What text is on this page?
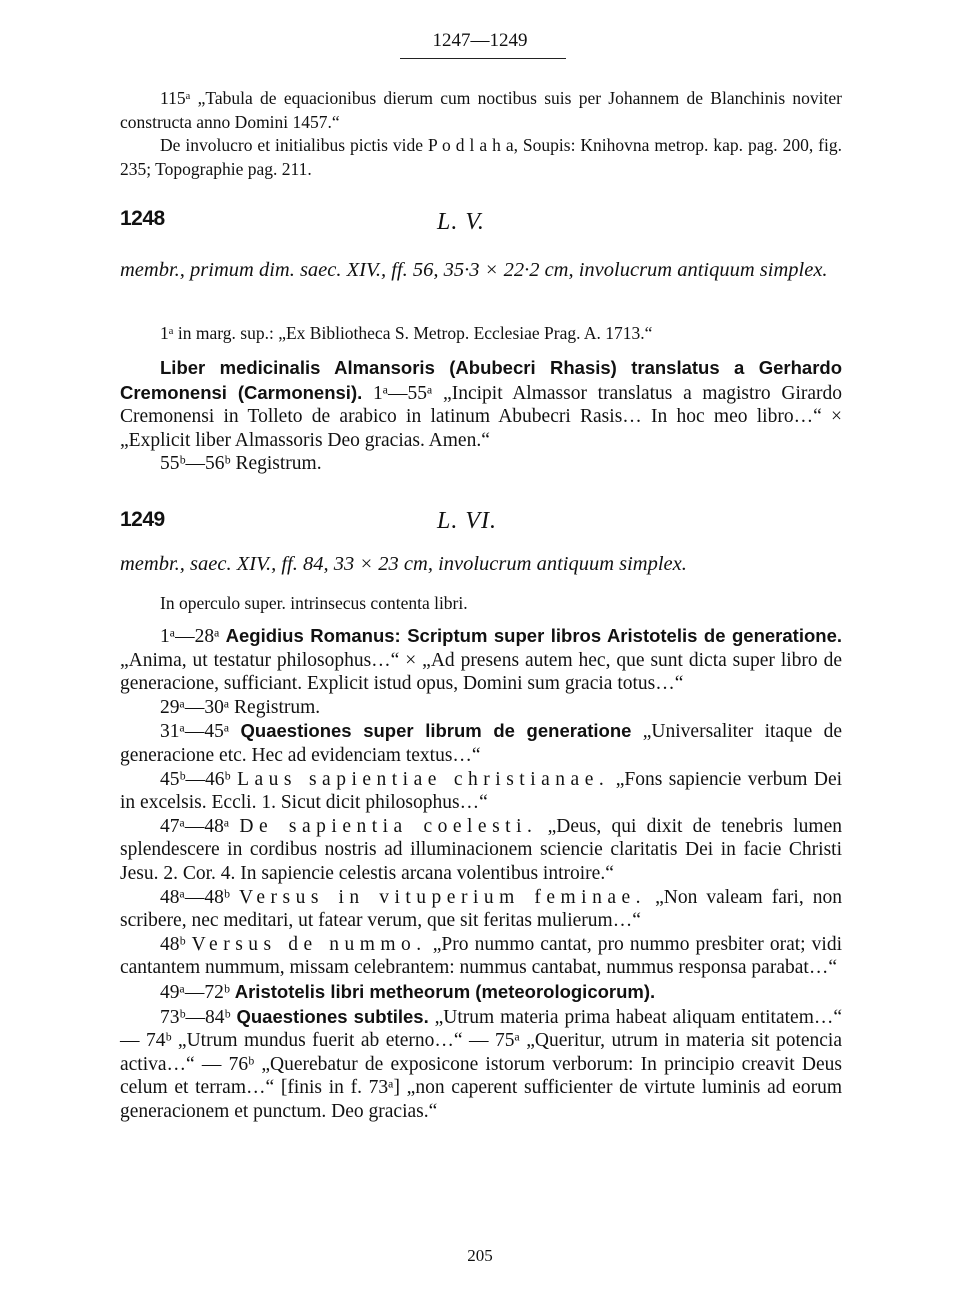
1247—1249

115ᵃ „Tabula de equacionibus dierum cum noctibus suis per Johannem de Blanchinis noviter constructa anno Domini 1457.“

De involucro et initialibus pictis vide P o d l a h a, Soupis: Knihovna metrop. kap. pag. 200, fig. 235; Topographie pag. 211.

1248	L. V.
membr., primum dim. saec. XIV., ff. 56, 35·3 × 22·2 cm, involucrum antiquum simplex.

1ᵃ in marg. sup.: „Ex Bibliotheca S. Metrop. Ecclesiae Prag. A. 1713.“

Liber medicinalis Almansoris (Abubecri Rhasis) translatus a Gerhardo Cremonensi (Carmonensi). 1ᵃ—55ᵃ „Incipit Almassor translatus a magistro Girardo Cremonensi in Tolleto de arabico in latinum Abubecri Rasis… In hoc meo libro…“ × „Explicit liber Almassoris Deo gracias. Amen.“

55ᵇ—56ᵇ Registrum.

1249	L. VI.
membr., saec. XIV., ff. 84, 33 × 23 cm, involucrum antiquum simplex.

In operculo super. intrinsecus contenta libri.

1ᵃ—28ᵃ Aegidius Romanus: Scriptum super libros Aristotelis de generatione. „Anima, ut testatur philosophus…“ × „Ad presens autem hec, que sunt dicta super libro de generacione, sufficiant. Explicit istud opus, Domini sum gracia totus…“

29ᵃ—30ᵃ Registrum.

31ᵃ—45ᵃ Quaestiones super librum de generatione „Universaliter itaque de generacione etc. Hec ad evidenciam textus…“

45ᵇ—46ᵇ Laus sapientiae christianae. „Fons sapiencie verbum Dei in excelsis. Eccli. 1. Sicut dicit philosophus…“

47ᵃ—48ᵃ De sapientia coelesti. „Deus, qui dixit de tenebris lumen splendescere in cordibus nostris ad illuminacionem sciencie claritatis Dei in facie Christi Jesu. 2. Cor. 4. In sapiencie celestis arcana volentibus introire.“

48ᵃ—48ᵇ Versus in vituperium feminae. „Non valeam fari, non scribere, nec meditari, ut fatear verum, que sit feritas mulierum…“

48ᵇ Versus de nummo. „Pro nummo cantat, pro nummo presbiter orat; vidi cantantem nummum, missam celebrantem: nummus cantabat, nummus responsa parabat…“

49ᵃ—72ᵇ Aristotelis libri metheorum (meteorologicorum).

73ᵇ—84ᵇ Quaestiones subtiles. „Utrum materia prima habeat aliquam entitatem…“ — 74ᵇ „Utrum mundus fuerit ab eterno…“ — 75ᵃ „Queritur, utrum in materia sit potencia activa…“ — 76ᵇ „Querebatur de exposicone istorum verborum: In principio creavit Deus celum et terram…“ [finis in f. 73ᵃ] „non caperent sufficienter de virtute luminis ad eorum generacionem et punctum. Deo gracias.“

205
